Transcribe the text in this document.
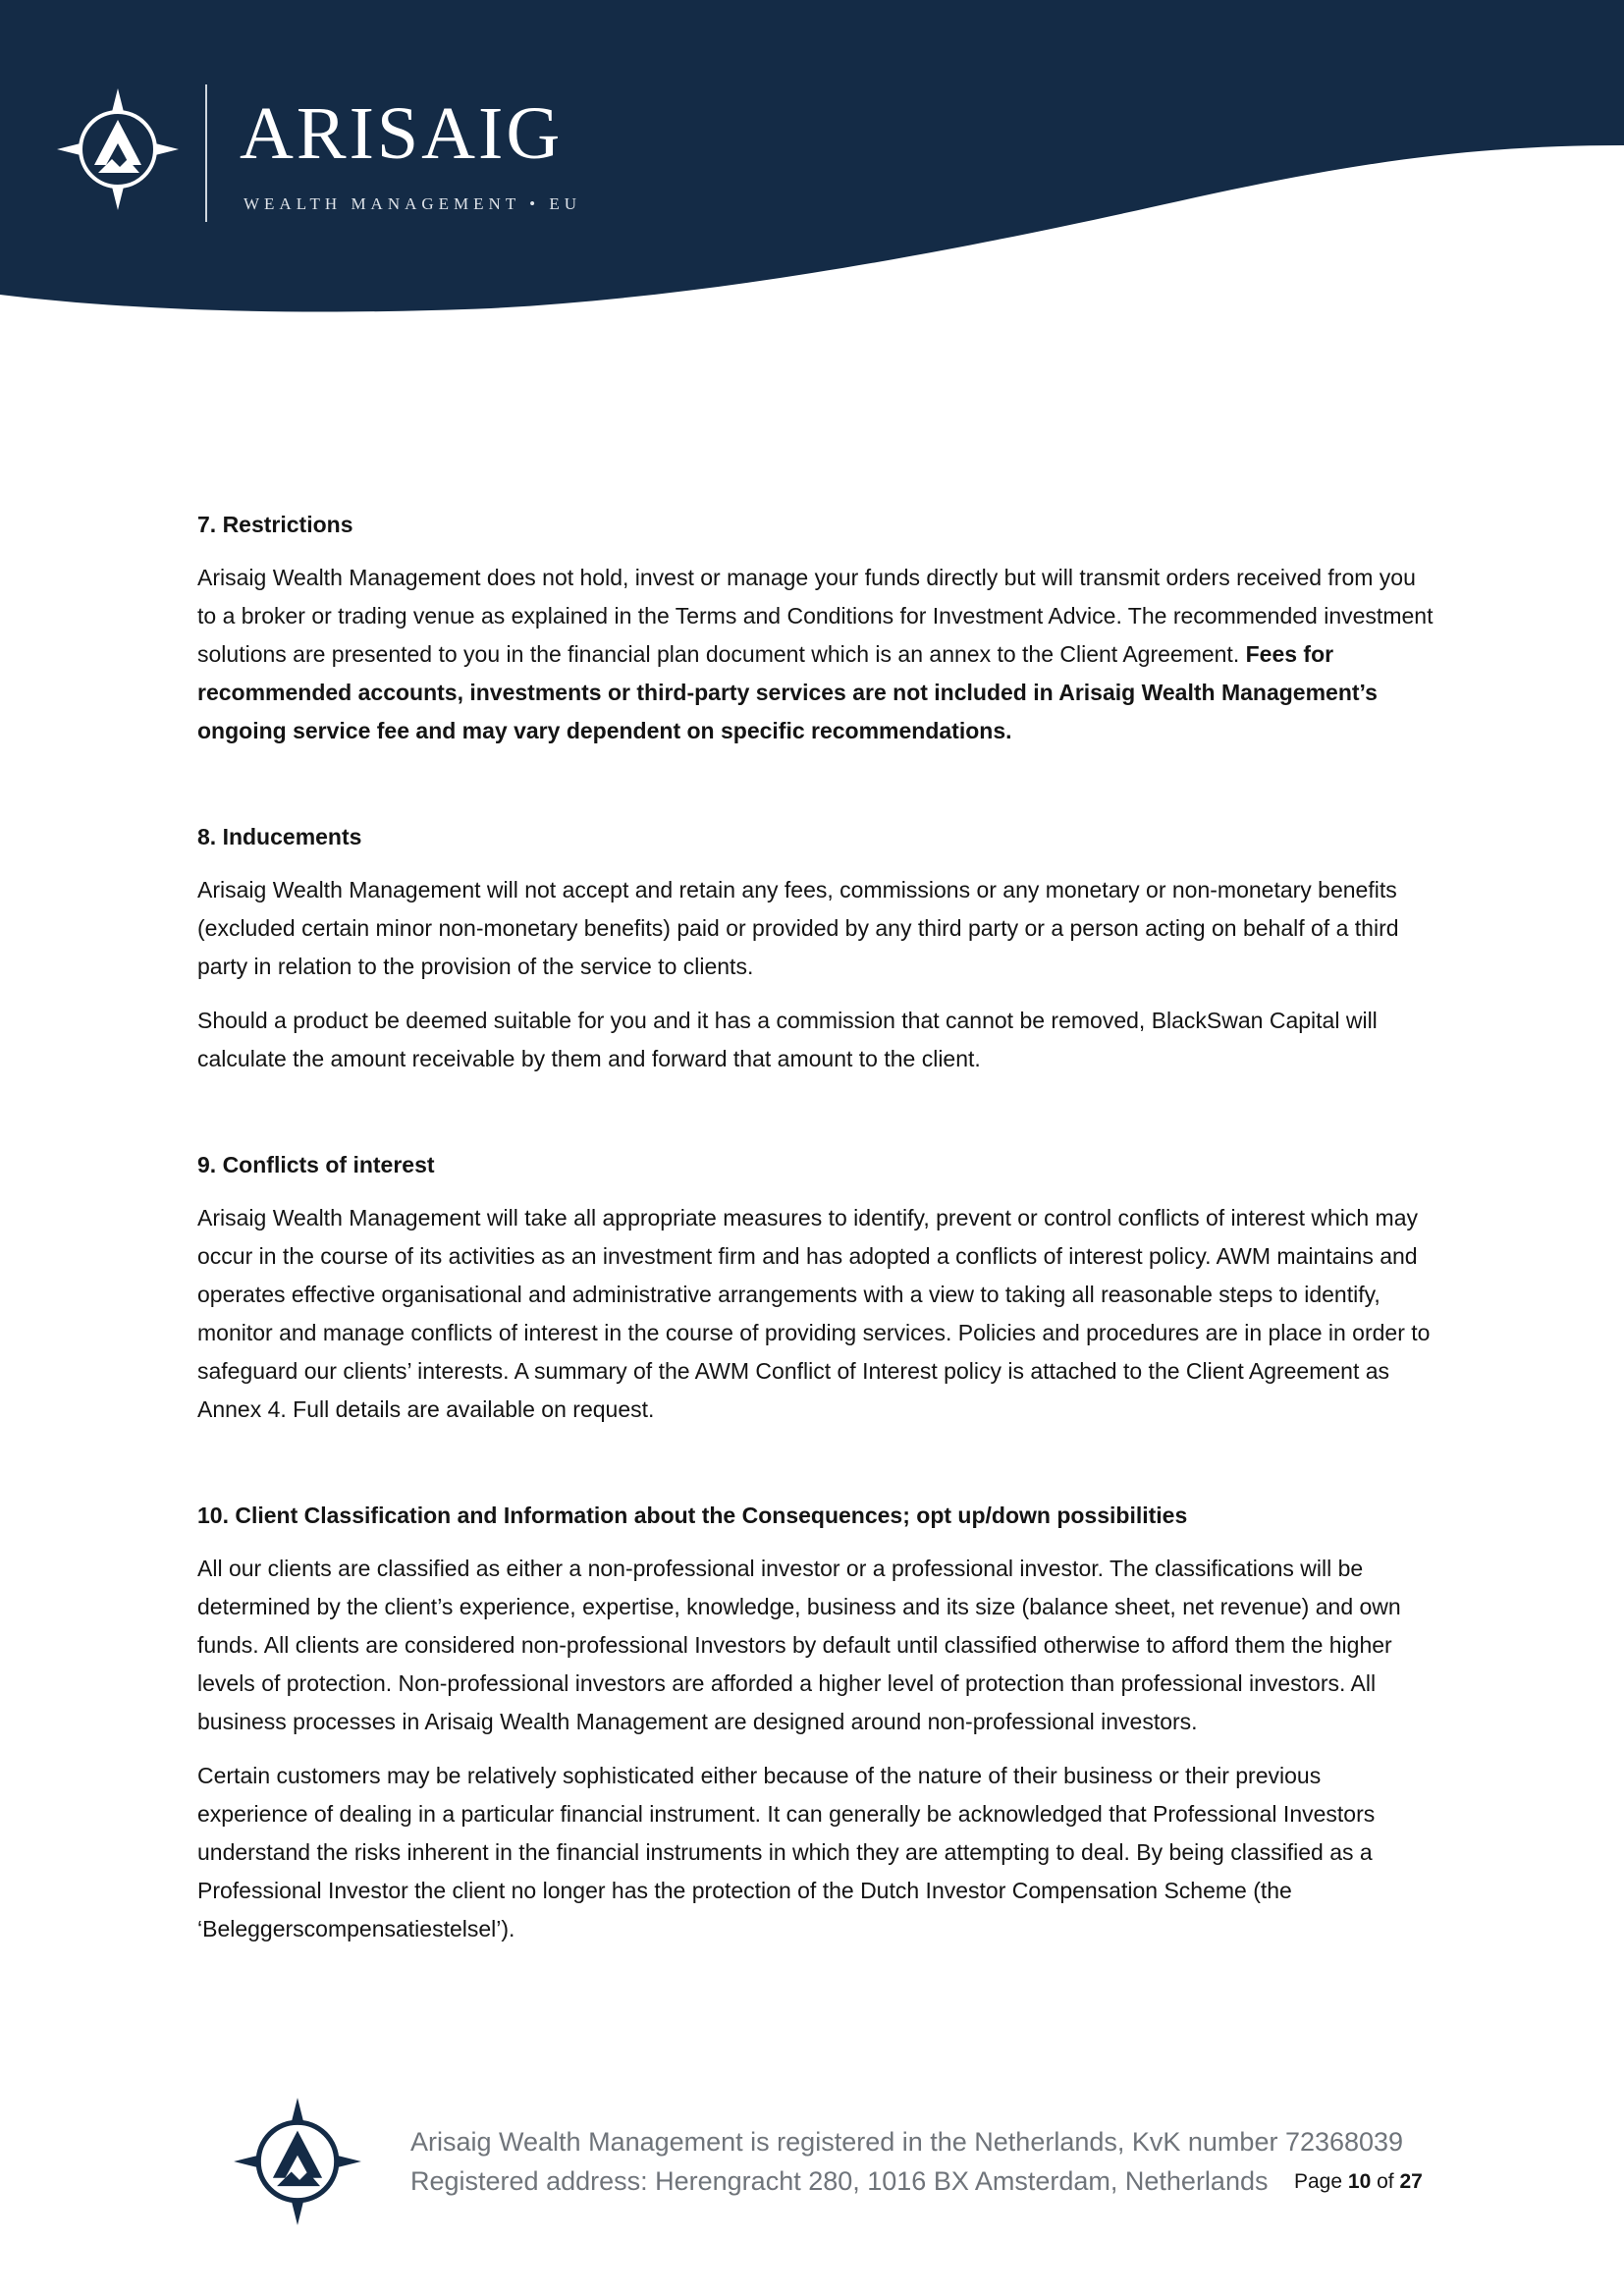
ARISAIG
WEALTH MANAGEMENT • EU
7. Restrictions

Arisaig Wealth Management does not hold, invest or manage your funds directly but will transmit orders received from you to a broker or trading venue as explained in the Terms and Conditions for Investment Advice. The recommended investment solutions are presented to you in the financial plan document which is an annex to the Client Agreement. Fees for recommended accounts, investments or third-party services are not included in Arisaig Wealth Management’s ongoing service fee and may vary dependent on specific recommendations.

8. Inducements

Arisaig Wealth Management will not accept and retain any fees, commissions or any monetary or non-monetary benefits (excluded certain minor non-monetary benefits) paid or provided by any third party or a person acting on behalf of a third party in relation to the provision of the service to clients.

Should a product be deemed suitable for you and it has a commission that cannot be removed, BlackSwan Capital will calculate the amount receivable by them and forward that amount to the client.

9. Conflicts of interest

Arisaig Wealth Management will take all appropriate measures to identify, prevent or control conflicts of interest which may occur in the course of its activities as an investment firm and has adopted a conflicts of interest policy. AWM maintains and operates effective organisational and administrative arrangements with a view to taking all reasonable steps to identify, monitor and manage conflicts of interest in the course of providing services. Policies and procedures are in place in order to safeguard our clients’ interests. A summary of the AWM Conflict of Interest policy is attached to the Client Agreement as Annex 4. Full details are available on request.

10. Client Classification and Information about the Consequences; opt up/down possibilities

All our clients are classified as either a non-professional investor or a professional investor. The classifications will be determined by the client’s experience, expertise, knowledge, business and its size (balance sheet, net revenue) and own funds. All clients are considered non-professional Investors by default until classified otherwise to afford them the higher levels of protection. Non-professional investors are afforded a higher level of protection than professional investors. All business processes in Arisaig Wealth Management are designed around non-professional investors.

Certain customers may be relatively sophisticated either because of the nature of their business or their previous experience of dealing in a particular financial instrument. It can generally be acknowledged that Professional Investors understand the risks inherent in the financial instruments in which they are attempting to deal. By being classified as a Professional Investor the client no longer has the protection of the Dutch Investor Compensation Scheme (the ‘Beleggerscompensatiestelsel’).

Arisaig Wealth Management is registered in the Netherlands, KvK number 72368039
Registered address: Herengracht 280, 1016 BX Amsterdam, Netherlands	Page 10 of 27
